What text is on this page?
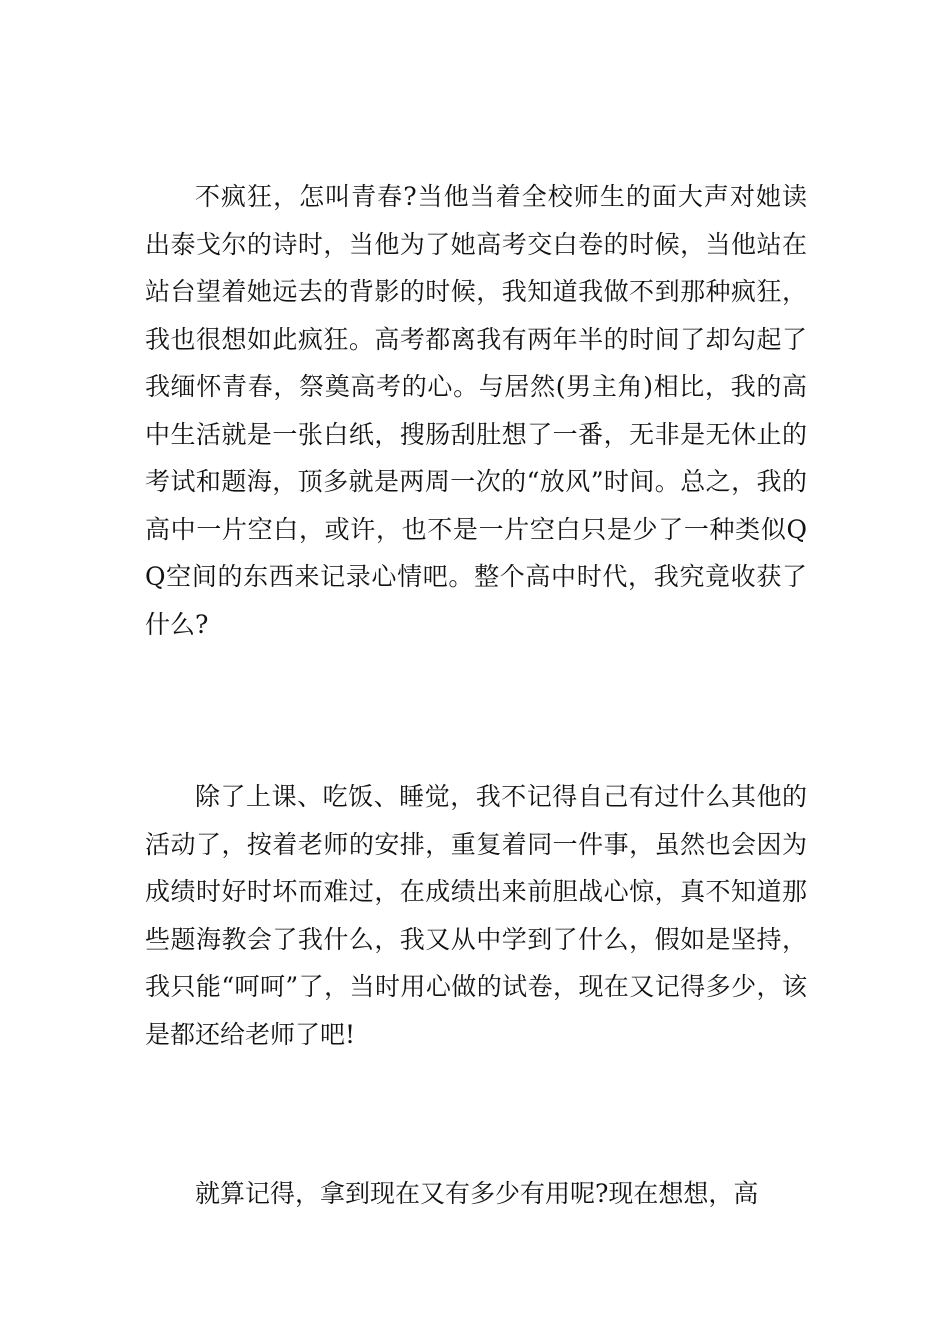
不疯狂，怎叫青春?当他当着全校师生的面大声对她读出泰戈尔的诗时，当他为了她高考交白卷的时候，当他站在站台望着她远去的背影的时候，我知道我做不到那种疯狂，我也很想如此疯狂。高考都离我有两年半的时间了却勾起了我缅怀青春，祭奠高考的心。与居然(男主角)相比，我的高中生活就是一张白纸，搜肠刮肚想了一番，无非是无休止的考试和题海，顶多就是两周一次的“放风”时间。总之，我的高中一片空白，或许，也不是一片空白只是少了一种类似QQ空间的东西来记录心情吧。整个高中时代，我究竟收获了什么?

除了上课、吃饭、睡觉，我不记得自己有过什么其他的活动了，按着老师的安排，重复着同一件事，虽然也会因为成绩时好时坏而难过，在成绩出来前胆战心惊，真不知道那些题海教会了我什么，我又从中学到了什么，假如是坚持，我只能“呵呵”了，当时用心做的试卷，现在又记得多少，该是都还给老师了吧!

就算记得，拿到现在又有多少有用呢?现在想想，高
